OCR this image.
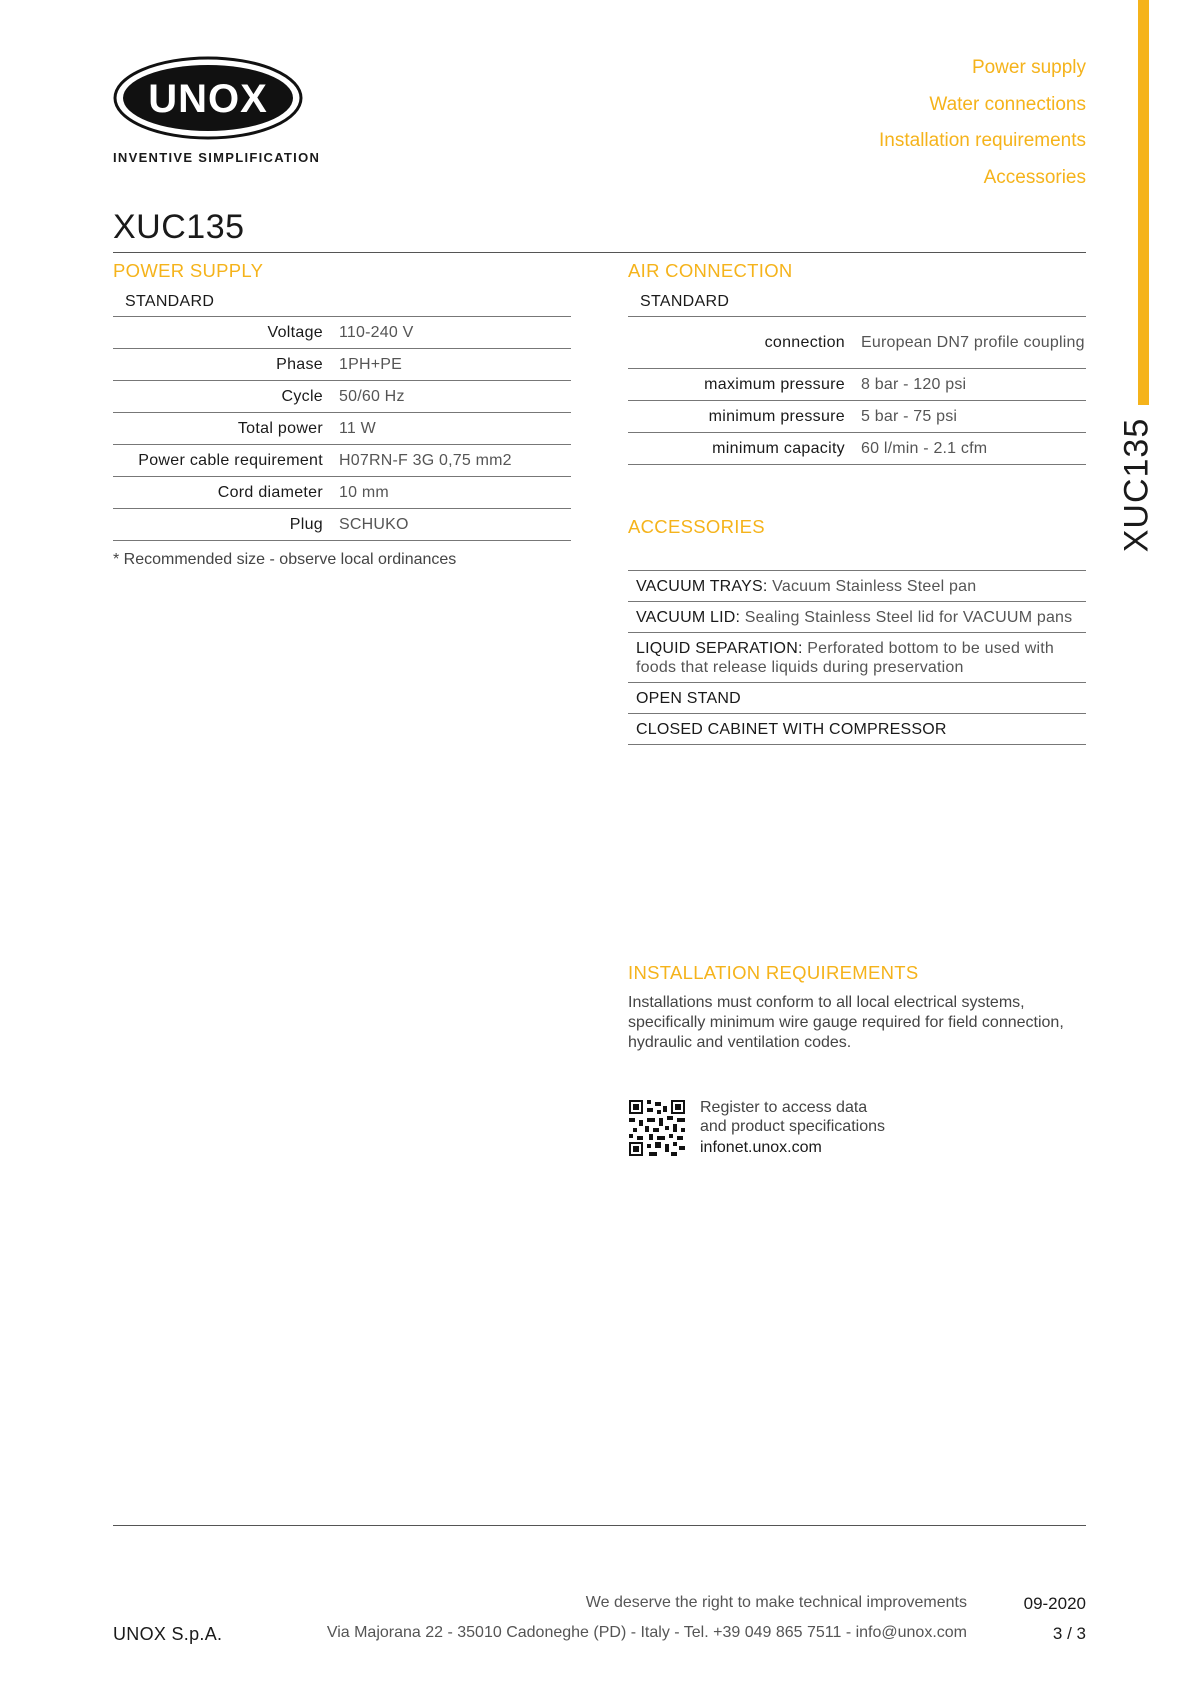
XUC135
UNOX
INVENTIVE SIMPLIFICATION
Power supply
Water connections
Installation requirements
Accessories
XUC135
POWER SUPPLY
STANDARD
Voltage	110-240 V
Phase	1PH+PE
Cycle	50/60 Hz
Total power	11 W
Power cable requirement	H07RN-F 3G 0,75 mm2
Cord diameter	10 mm
Plug	SCHUKO
* Recommended size - observe local ordinances
AIR CONNECTION
STANDARD
connection	European DN7 profile coupling
maximum pressure	8 bar - 120 psi
minimum pressure	5 bar - 75 psi
minimum capacity	60 l/min - 2.1 cfm
ACCESSORIES
VACUUM TRAYS: Vacuum Stainless Steel pan
VACUUM LID: Sealing Stainless Steel lid for VACUUM pans
LIQUID SEPARATION: Perforated bottom to be used with foods that release liquids during preservation
OPEN STAND
CLOSED CABINET WITH COMPRESSOR
INSTALLATION REQUIREMENTS
Installations must conform to all local electrical systems, specifically minimum wire gauge required for field connection, hydraulic and ventilation codes.
Register to access data
and product specifications
infonet.unox.com
We deserve the right to make technical improvements	09-2020
UNOX S.p.A.	Via Majorana 22 - 35010 Cadoneghe (PD) - Italy - Tel. +39 049 865 7511 - info@unox.com	3 / 3
